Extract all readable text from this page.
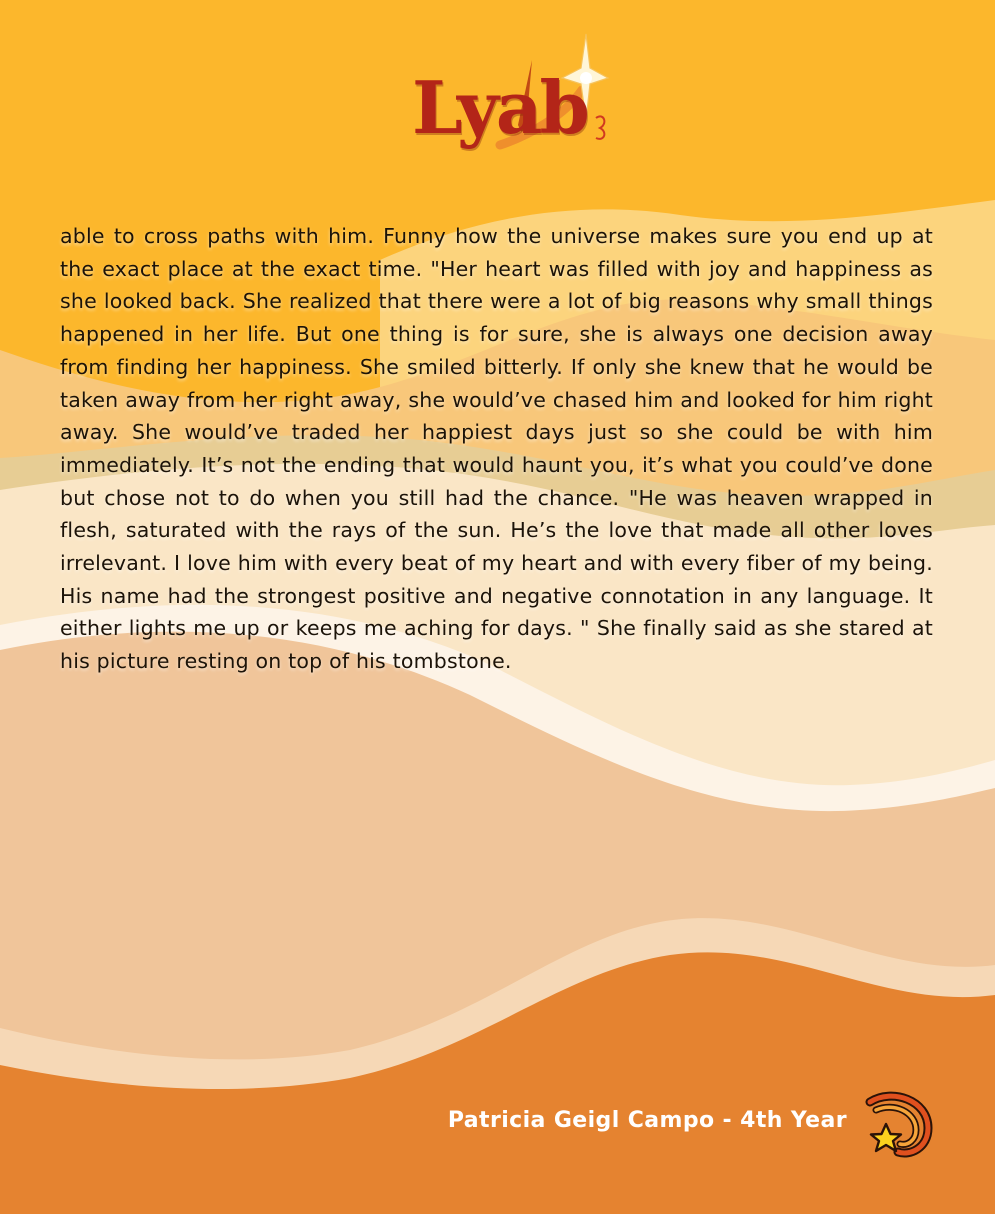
Lyab

able to cross paths with him. Funny how the universe makes sure you end up at the exact place at the exact time. "Her heart was filled with joy and happiness as she looked back. She realized that there were a lot of big reasons why small things happened in her life. But one thing is for sure, she is always one decision away from finding her happiness. She smiled bitterly. If only she knew that he would be taken away from her right away, she would’ve chased him and looked for him right away. She would’ve traded her happiest days just so she could be with him immediately. It’s not the ending that would haunt you, it’s what you could’ve done but chose not to do when you still had the chance. "He was heaven wrapped in flesh, saturated with the rays of the sun. He’s the love that made all other loves irrelevant. I love him with every beat of my heart and with every fiber of my being. His name had the strongest positive and negative connotation in any language. It either lights me up or keeps me aching for days. " She finally said as she stared at his picture resting on top of his tombstone.

Patricia Geigl Campo - 4th Year
